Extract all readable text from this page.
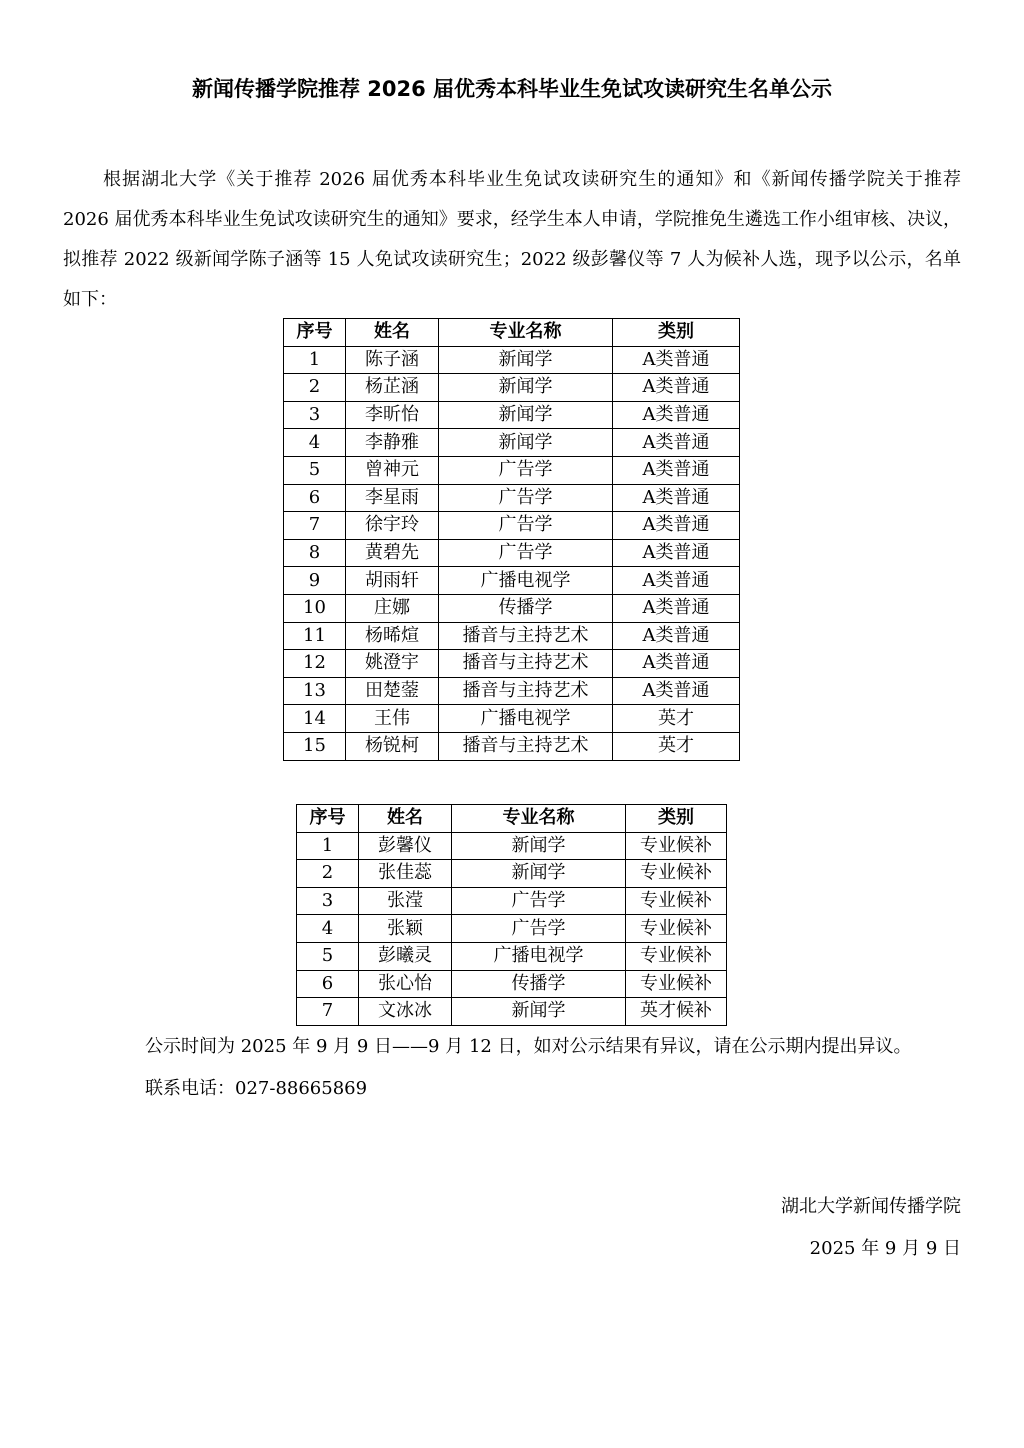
新闻传播学院推荐 2026 届优秀本科毕业生免试攻读研究生名单公示
根据湖北大学《关于推荐 2026 届优秀本科毕业生免试攻读研究生的通知》和《新闻传播学院关于推荐 2026 届优秀本科毕业生免试攻读研究生的通知》要求，经学生本人申请，学院推免生遴选工作小组审核、决议，拟推荐 2022 级新闻学陈子涵等 15 人免试攻读研究生；2022 级彭馨仪等 7 人为候补人选，现予以公示，名单如下：
序号	姓名	专业名称	类别
1	陈子涵	新闻学	A类普通
2	杨芷涵	新闻学	A类普通
3	李昕怡	新闻学	A类普通
4	李静雅	新闻学	A类普通
5	曾神元	广告学	A类普通
6	李星雨	广告学	A类普通
7	徐宇玲	广告学	A类普通
8	黄碧先	广告学	A类普通
9	胡雨轩	广播电视学	A类普通
10	庄娜	传播学	A类普通
11	杨晞煊	播音与主持艺术	A类普通
12	姚澄宇	播音与主持艺术	A类普通
13	田楚蓥	播音与主持艺术	A类普通
14	王伟	广播电视学	英才
15	杨锐柯	播音与主持艺术	英才
序号	姓名	专业名称	类别
1	彭馨仪	新闻学	专业候补
2	张佳蕊	新闻学	专业候补
3	张滢	广告学	专业候补
4	张颖	广告学	专业候补
5	彭曦灵	广播电视学	专业候补
6	张心怡	传播学	专业候补
7	文冰冰	新闻学	英才候补
公示时间为 2025 年 9 月 9 日——9 月 12 日，如对公示结果有异议，请在公示期内提出异议。
联系电话：027-88665869
湖北大学新闻传播学院
2025 年 9 月 9 日
